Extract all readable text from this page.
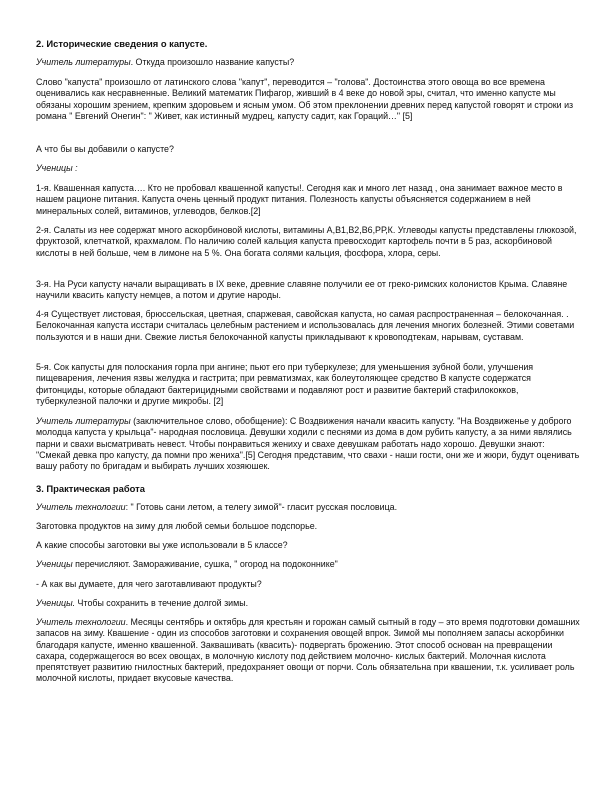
2. Исторические сведения о капусте.

Учитель литературы. Откуда произошло название капусты?

Слово "капуста" произошло от латинского слова "капут", переводится – "голова". Достоинства этого овоща во все времена оценивались как несравненные. Великий математик Пифагор, живший в 4 веке до новой эры, считал, что именно капусте мы обязаны хорошим зрением, крепким здоровьем и ясным умом. Об этом преклонении древних перед капустой говорят и строки из романа " Евгений Онегин": " Живет, как истинный мудрец, капусту садит, как Гораций…" [5]

А что бы вы добавили о капусте?

Ученицы :

1-я. Квашенная капуста…. Кто не пробовал квашенной капусты!. Сегодня как и много лет назад , она занимает важное место в нашем рационе питания. Капуста очень ценный продукт питания. Полезность капусты объясняется содержанием в ней минеральных солей, витаминов, углеводов, белков.[2]

2-я. Салаты из нее содержат много аскорбиновой кислоты, витамины А,В1,В2,В6,РР,К. Углеводы капусты представлены глюкозой, фруктозой, клетчаткой, крахмалом. По наличию солей кальция капуста превосходит картофель почти в 5 раз, аскорбиновой кислоты в ней больше, чем в лимоне на 5 %. Она богата солями кальция, фосфора, хлора, серы.

3-я. На Руси капусту начали выращивать в IX веке, древние славяне получили ее от греко-римских колонистов Крыма. Славяне научили квасить капусту немцев, а потом и другие народы.

4-я Существует листовая, брюссельская, цветная, спаржевая, савойская капуста, но самая распространенная – белокочанная. . Белокочанная капуста исстари считалась целебным растением и использовалась для лечения многих болезней. Этими советами пользуются и в наши дни. Свежие листья белокочанной капусты прикладывают к кровоподтекам, нарывам, суставам.

5-я. Сок капусты для полоскания горла при ангине; пьют его при туберкулезе; для уменьшения зубной боли, улучшения пищеварения, лечения язвы желудка и гастрита; при ревматизмах, как болеутоляющее средство В капусте содержатся фитонциды, которые обладают бактерицидными свойствами и подавляют рост и развитие бактерий стафилококков, туберкулезной палочки и другие микробы. [2]

Учитель литературы (заключительное слово, обобщение): С Воздвижения начали квасить капусту. "На Воздвиженье у доброго молодца капуста у крыльца"- народная пословица. Девушки ходили с песнями из дома в дом рубить капусту, а за ними являлись парни и сваxи высматривать невест. Чтобы понравиться жениху и свахе девушкам работать надо хорошо. Девушки знают: "Смекай девка про капусту, да помни про женихa".[5] Сегодня представим, что свахи - наши гости, они же и жюри, будут оценивать вашу работу по бригадам и выбирать лучших хозяюшек.

3. Практическая работа

Учитель технологии: " Готовь сани летом, а телегу зимой"- гласит русская пословица.

Заготовка продуктов на зиму для любой семьи большое подспорье.

А какие способы заготовки вы уже использовали в 5 классе?

Ученицы перечисляют. Замораживание, сушка, " огород на подоконнике"

- А как вы думаете, для чего заготавливают продукты?

Ученицы. Чтобы сохранить в течение долгой зимы.

Учитель технологии. Месяцы сентябрь и октябрь для крестьян и горожан самый сытный в году – это время подготовки домашних запасов на зиму. Квашение - один из способов заготовки и сохранения овощей впрок. Зимой мы пополняем запасы аскорбинки благодаря капусте, именно квашенной. Заквашивать (квасить)- подвергать брожению. Этот способ основан на превращении сахара, содержащегося во всех овощах, в молочную кислоту под действием молочно- кислых бактерий. Молочная кислота препятствует развитию гнилостных бактерий, предохраняет овощи от порчи. Соль обязательна при квашении, т.к. усиливает роль молочной кислоты, придает вкусовые качества.
